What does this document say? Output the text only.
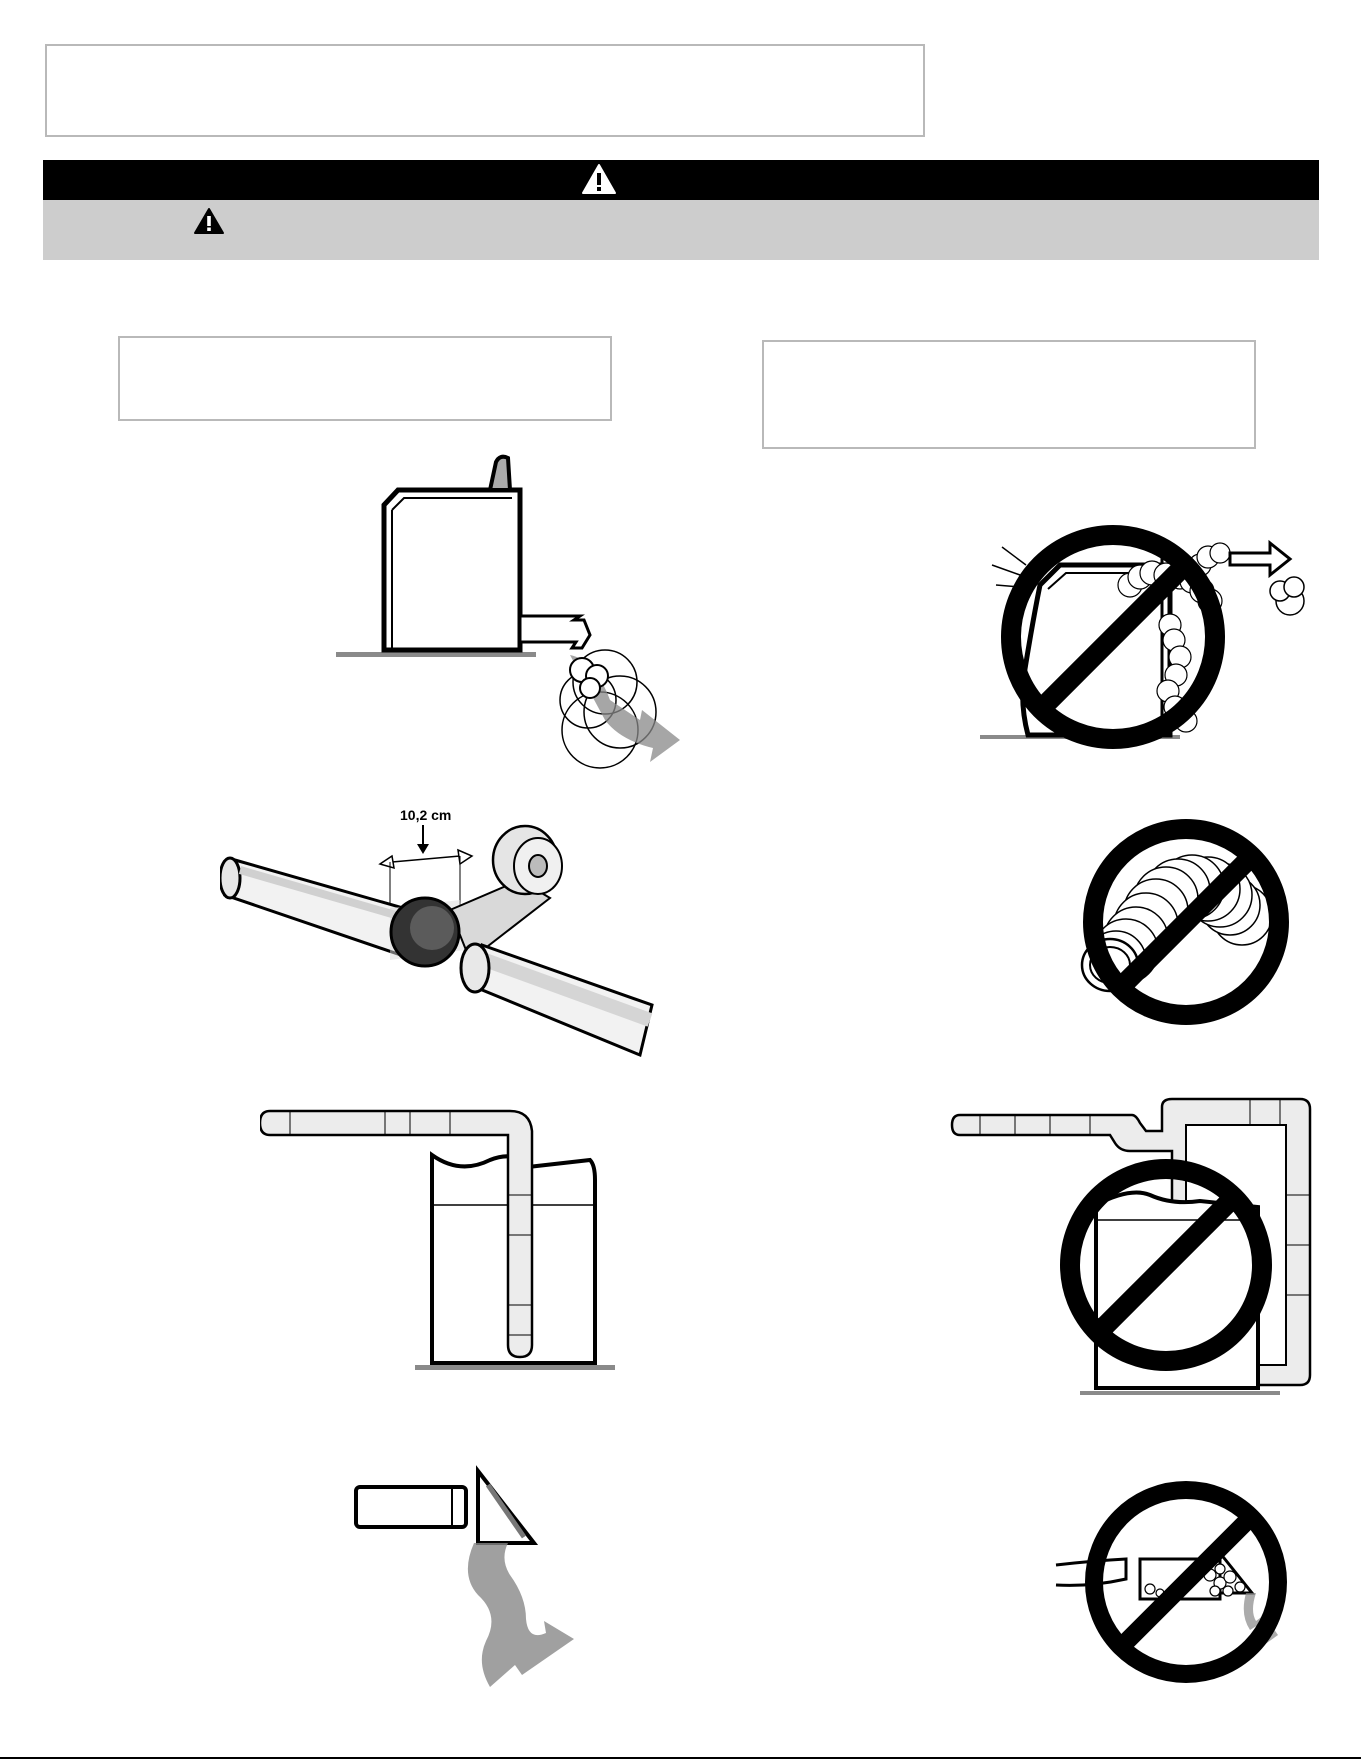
10,2 cm
